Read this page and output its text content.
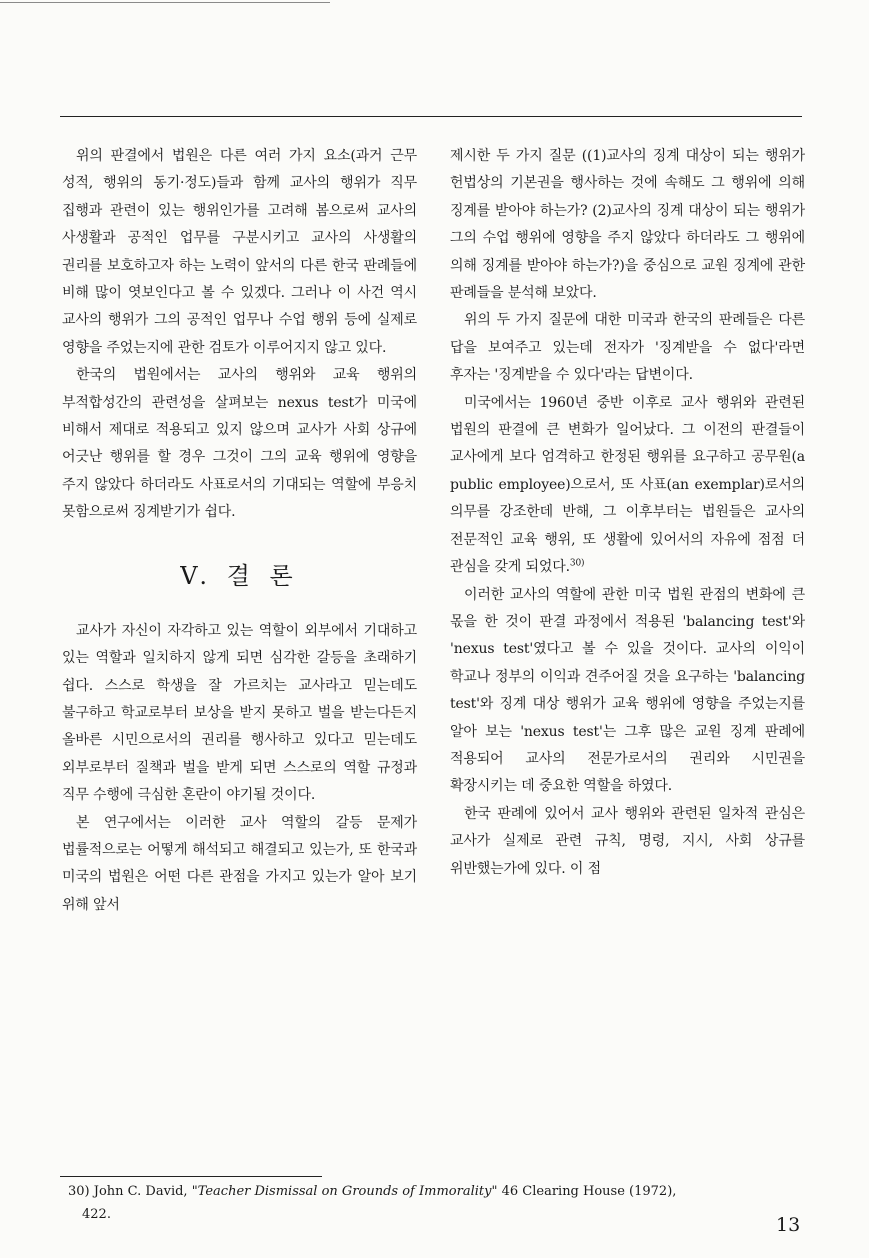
위의 판결에서 법원은 다른 여러 가지 요소(과거 근무 성적, 행위의 동기·정도)들과 함께 교사의 행위가 직무 집행과 관련이 있는 행위인가를 고려해 봄으로써 교사의 사생활과 공적인 업무를 구분시키고 교사의 사생활의 권리를 보호하고자 하는 노력이 앞서의 다른 한국 판례들에 비해 많이 엿보인다고 볼 수 있겠다. 그러나 이 사건 역시 교사의 행위가 그의 공적인 업무나 수업 행위 등에 실제로 영향을 주었는지에 관한 검토가 이루어지지 않고 있다.

한국의 법원에서는 교사의 행위와 교육 행위의 부적합성간의 관련성을 살펴보는 nexus test가 미국에 비해서 제대로 적용되고 있지 않으며 교사가 사회 상규에 어긋난 행위를 할 경우 그것이 그의 교육 행위에 영향을 주지 않았다 하더라도 사표로서의 기대되는 역할에 부응치 못함으로써 징계받기가 쉽다.

V. 결 론

교사가 자신이 자각하고 있는 역할이 외부에서 기대하고 있는 역할과 일치하지 않게 되면 심각한 갈등을 초래하기 쉽다. 스스로 학생을 잘 가르치는 교사라고 믿는데도 불구하고 학교로부터 보상을 받지 못하고 벌을 받는다든지 올바른 시민으로서의 권리를 행사하고 있다고 믿는데도 외부로부터 질책과 벌을 받게 되면 스스로의 역할 규정과 직무 수행에 극심한 혼란이 야기될 것이다.

본 연구에서는 이러한 교사 역할의 갈등 문제가 법률적으로는 어떻게 해석되고 해결되고 있는가, 또 한국과 미국의 법원은 어떤 다른 관점을 가지고 있는가 알아 보기 위해 앞서

제시한 두 가지 질문 ((1)교사의 징계 대상이 되는 행위가 헌법상의 기본권을 행사하는 것에 속해도 그 행위에 의해 징계를 받아야 하는가? (2)교사의 징계 대상이 되는 행위가 그의 수업 행위에 영향을 주지 않았다 하더라도 그 행위에 의해 징계를 받아야 하는가?)을 중심으로 교원 징계에 관한 판례들을 분석해 보았다.

위의 두 가지 질문에 대한 미국과 한국의 판례들은 다른 답을 보여주고 있는데 전자가 '징계받을 수 없다'라면 후자는 '징계받을 수 있다'라는 답변이다.

미국에서는 1960년 중반 이후로 교사 행위와 관련된 법원의 판결에 큰 변화가 일어났다. 그 이전의 판결들이 교사에게 보다 엄격하고 한정된 행위를 요구하고 공무원(a public employee)으로서, 또 사표(an exemplar)로서의 의무를 강조한데 반해, 그 이후부터는 법원들은 교사의 전문적인 교육 행위, 또 생활에 있어서의 자유에 점점 더 관심을 갖게 되었다.$^{30)}$

이러한 교사의 역할에 관한 미국 법원 관점의 변화에 큰 몫을 한 것이 판결 과정에서 적용된 'balancing test'와 'nexus test'였다고 볼 수 있을 것이다. 교사의 이익이 학교나 정부의 이익과 견주어질 것을 요구하는 'balancing test'와 징계 대상 행위가 교육 행위에 영향을 주었는지를 알아 보는 'nexus test'는 그후 많은 교원 징계 판례에 적용되어 교사의 전문가로서의 권리와 시민권을 확장시키는 데 중요한 역할을 하였다.

한국 판례에 있어서 교사 행위와 관련된 일차적 관심은 교사가 실제로 관련 규칙, 명령, 지시, 사회 상규를 위반했는가에 있다. 이 점

30) John C. David, "Teacher Dismissal on Grounds of Immorality" 46 Clearing House (1972),
422.	13
